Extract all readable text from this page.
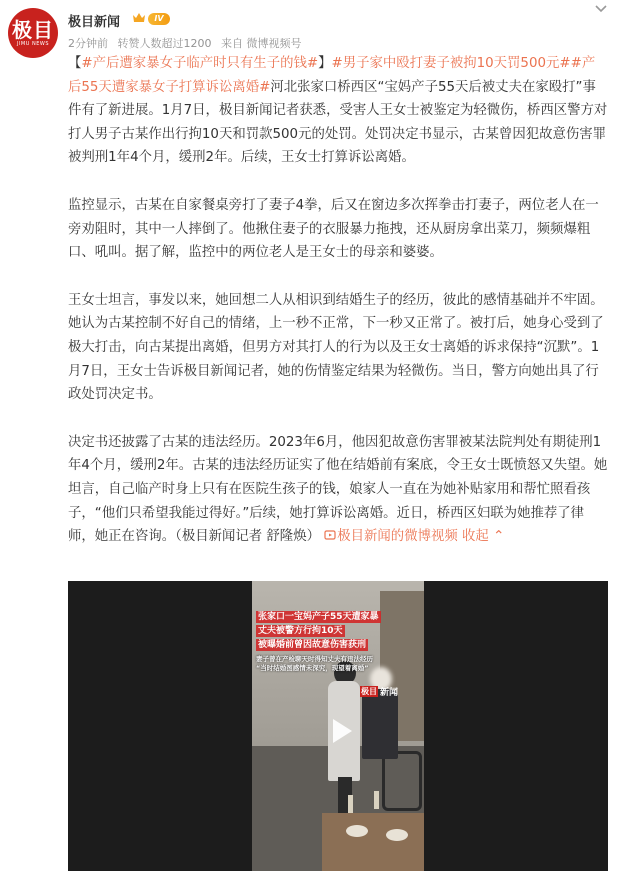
极目
JIMU NEWS
极目新闻	IV
2分钟前 转赞人数超过1200 来自 微博视频号

【#产后遭家暴女子临产时只有生子的钱#】#男子家中殴打妻子被拘10天罚500元##产后55天遭家暴女子打算诉讼离婚#河北张家口桥西区“宝妈产子55天后被丈夫在家殴打”事件有了新进展。1月7日，极目新闻记者获悉，受害人王女士被鉴定为轻微伤，桥西区警方对打人男子古某作出行拘10天和罚款500元的处罚。处罚决定书显示，古某曾因犯故意伤害罪被判刑1年4个月，缓刑2年。后续，王女士打算诉讼离婚。

监控显示，古某在自家餐桌旁打了妻子4拳，后又在窗边多次挥拳击打妻子，两位老人在一旁劝阻时，其中一人摔倒了。他揪住妻子的衣服暴力拖拽，还从厨房拿出菜刀，频频爆粗口、吼叫。据了解，监控中的两位老人是王女士的母亲和婆婆。

王女士坦言，事发以来，她回想二人从相识到结婚生子的经历，彼此的感情基础并不牢固。她认为古某控制不好自己的情绪，上一秒不正常，下一秒又正常了。被打后，她身心受到了极大打击，向古某提出离婚，但男方对其打人的行为以及王女士离婚的诉求保持“沉默”。1月7日，王女士告诉极目新闻记者，她的伤情鉴定结果为轻微伤。当日，警方向她出具了行政处罚决定书。

决定书还披露了古某的违法经历。2023年6月，他因犯故意伤害罪被某法院判处有期徒刑1年4个月，缓刑2年。古某的违法经历证实了他在结婚前有案底，令王女士既愤怒又失望。她坦言，自己临产时身上只有在医院生孩子的钱，娘家人一直在为她补贴家用和帮忙照看孩子，“他们只希望我能过得好。”后续，她打算诉讼离婚。近日，桥西区妇联为她推荐了律师，她正在咨询。（极目新闻记者 舒隆焕） 极目新闻的微博视频 收起 ⌃

张家口一宝妈产子55天遭家暴
丈夫被警方行拘10天
被曝婚前曾因故意伤害获刑
妻子曾在产检聊天时得知丈夫有违法经历
“当时结婚图感情未深究，现望着离婚”
极目 新闻
